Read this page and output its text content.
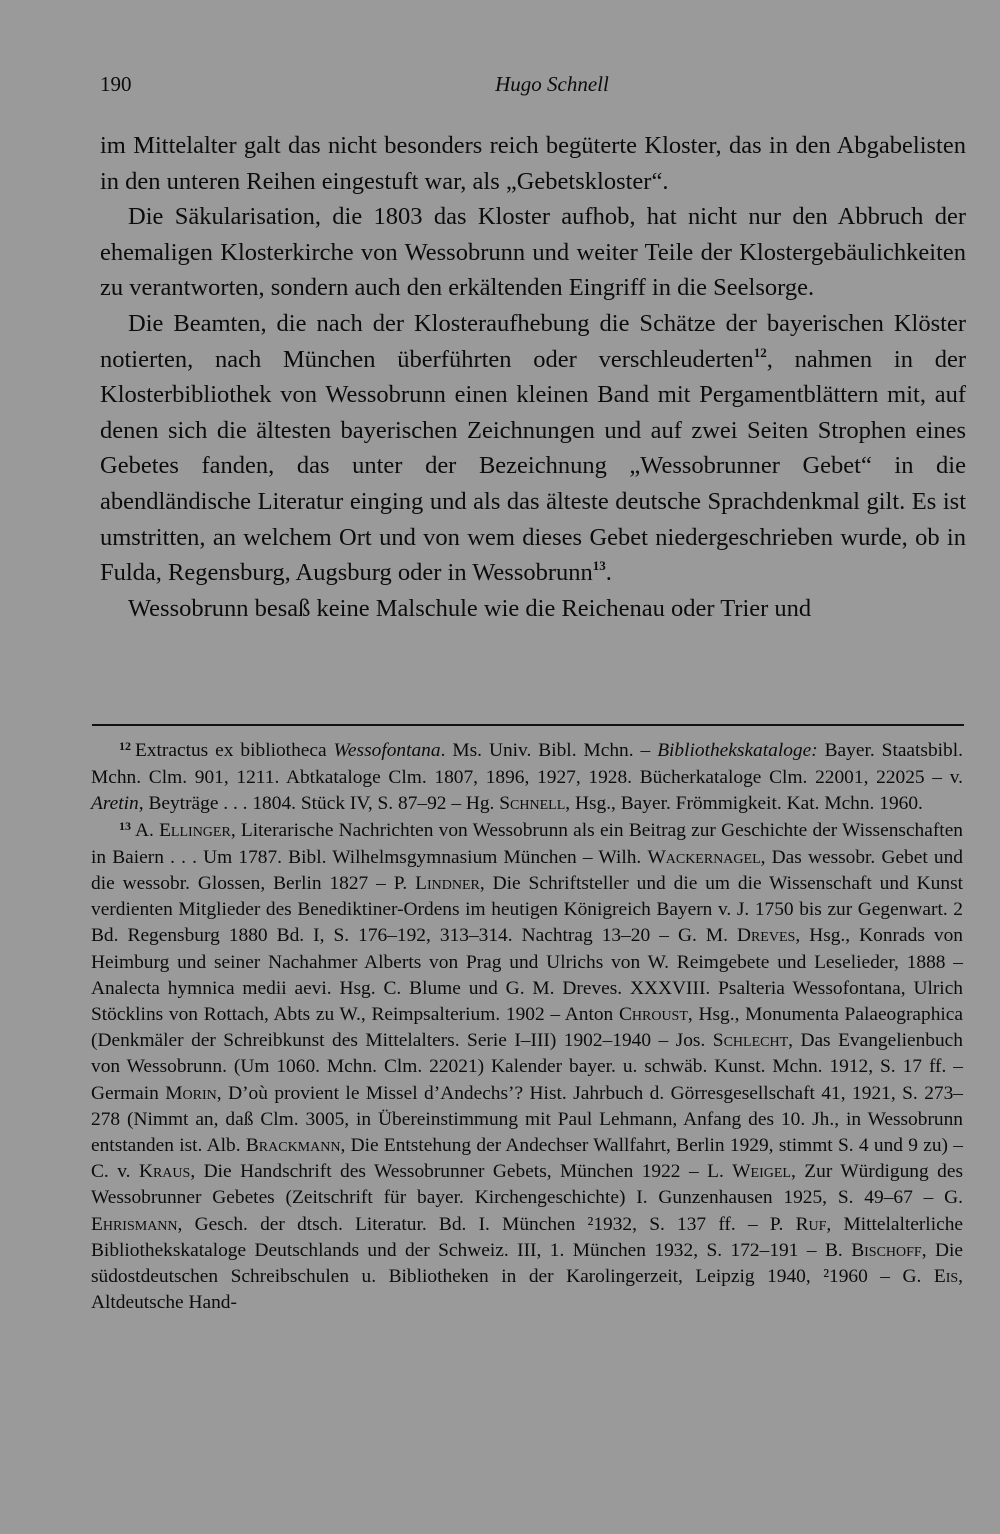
190	Hugo Schnell

im Mittelalter galt das nicht besonders reich begüterte Kloster, das in den Abgabelisten in den unteren Reihen eingestuft war, als „Gebetskloster“.

Die Säkularisation, die 1803 das Kloster aufhob, hat nicht nur den Abbruch der ehemaligen Klosterkirche von Wessobrunn und weiter Teile der Klostergebäulichkeiten zu verantworten, sondern auch den erkältenden Eingriff in die Seelsorge.

Die Beamten, die nach der Klosteraufhebung die Schätze der bayerischen Klöster notierten, nach München überführten oder verschleuderten$^{12}$, nahmen in der Klosterbibliothek von Wessobrunn einen kleinen Band mit Pergamentblättern mit, auf denen sich die ältesten bayerischen Zeichnungen und auf zwei Seiten Strophen eines Gebetes fanden, das unter der Bezeichnung „Wessobrunner Gebet“ in die abendländische Literatur einging und als das älteste deutsche Sprachdenkmal gilt. Es ist umstritten, an welchem Ort und von wem dieses Gebet niedergeschrieben wurde, ob in Fulda, Regensburg, Augsburg oder in Wessobrunn$^{13}$.

Wessobrunn besaß keine Malschule wie die Reichenau oder Trier und

$^{12}$ Extractus ex bibliotheca Wessofontana. Ms. Univ. Bibl. Mchn. – Bibliothekskataloge: Bayer. Staatsbibl. Mchn. Clm. 901, 1211. Abtkataloge Clm. 1807, 1896, 1927, 1928. Bücherkataloge Clm. 22001, 22025 – v. Aretin, Beyträge . . . 1804. Stück IV, S. 87–92 – Hg. Schnell, Hsg., Bayer. Frömmigkeit. Kat. Mchn. 1960.

$^{13}$ A. Ellinger, Literarische Nachrichten von Wessobrunn als ein Beitrag zur Geschichte der Wissenschaften in Baiern . . . Um 1787. Bibl. Wilhelmsgymnasium München – Wilh. Wackernagel, Das wessobr. Gebet und die wessobr. Glossen, Berlin 1827 – P. Lindner, Die Schriftsteller und die um die Wissenschaft und Kunst verdienten Mitglieder des Benediktiner-Ordens im heutigen Königreich Bayern v. J. 1750 bis zur Gegenwart. 2 Bd. Regensburg 1880 Bd. I, S. 176–192, 313–314. Nachtrag 13–20 – G. M. Dreves, Hsg., Konrads von Heimburg und seiner Nachahmer Alberts von Prag und Ulrichs von W. Reimgebete und Leselieder, 1888 – Analecta hymnica medii aevi. Hsg. C. Blume und G. M. Dreves. XXXVIII. Psalteria Wessofontana, Ulrich Stöcklins von Rottach, Abts zu W., Reimpsalterium. 1902 – Anton Chroust, Hsg., Monumenta Palaeographica (Denkmäler der Schreibkunst des Mittelalters. Serie I–III) 1902–1940 – Jos. Schlecht, Das Evangelienbuch von Wessobrunn. (Um 1060. Mchn. Clm. 22021) Kalender bayer. u. schwäb. Kunst. Mchn. 1912, S. 17 ff. – Germain Morin, D’où provient le Missel d’Andechs’? Hist. Jahrbuch d. Görresgesellschaft 41, 1921, S. 273–278 (Nimmt an, daß Clm. 3005, in Übereinstimmung mit Paul Lehmann, Anfang des 10. Jh., in Wessobrunn entstanden ist. Alb. Brackmann, Die Entstehung der Andechser Wallfahrt, Berlin 1929, stimmt S. 4 und 9 zu) – C. v. Kraus, Die Handschrift des Wessobrunner Gebets, München 1922 – L. Weigel, Zur Würdigung des Wessobrunner Gebetes (Zeitschrift für bayer. Kirchengeschichte) I. Gunzenhausen 1925, S. 49–67 – G. Ehrismann, Gesch. der dtsch. Literatur. Bd. I. München ²1932, S. 137 ff. – P. Ruf, Mittelalterliche Bibliothekskataloge Deutschlands und der Schweiz. III, 1. München 1932, S. 172–191 – B. Bischoff, Die südostdeutschen Schreibschulen u. Bibliotheken in der Karolingerzeit, Leipzig 1940, ²1960 – G. Eis, Altdeutsche Hand-
